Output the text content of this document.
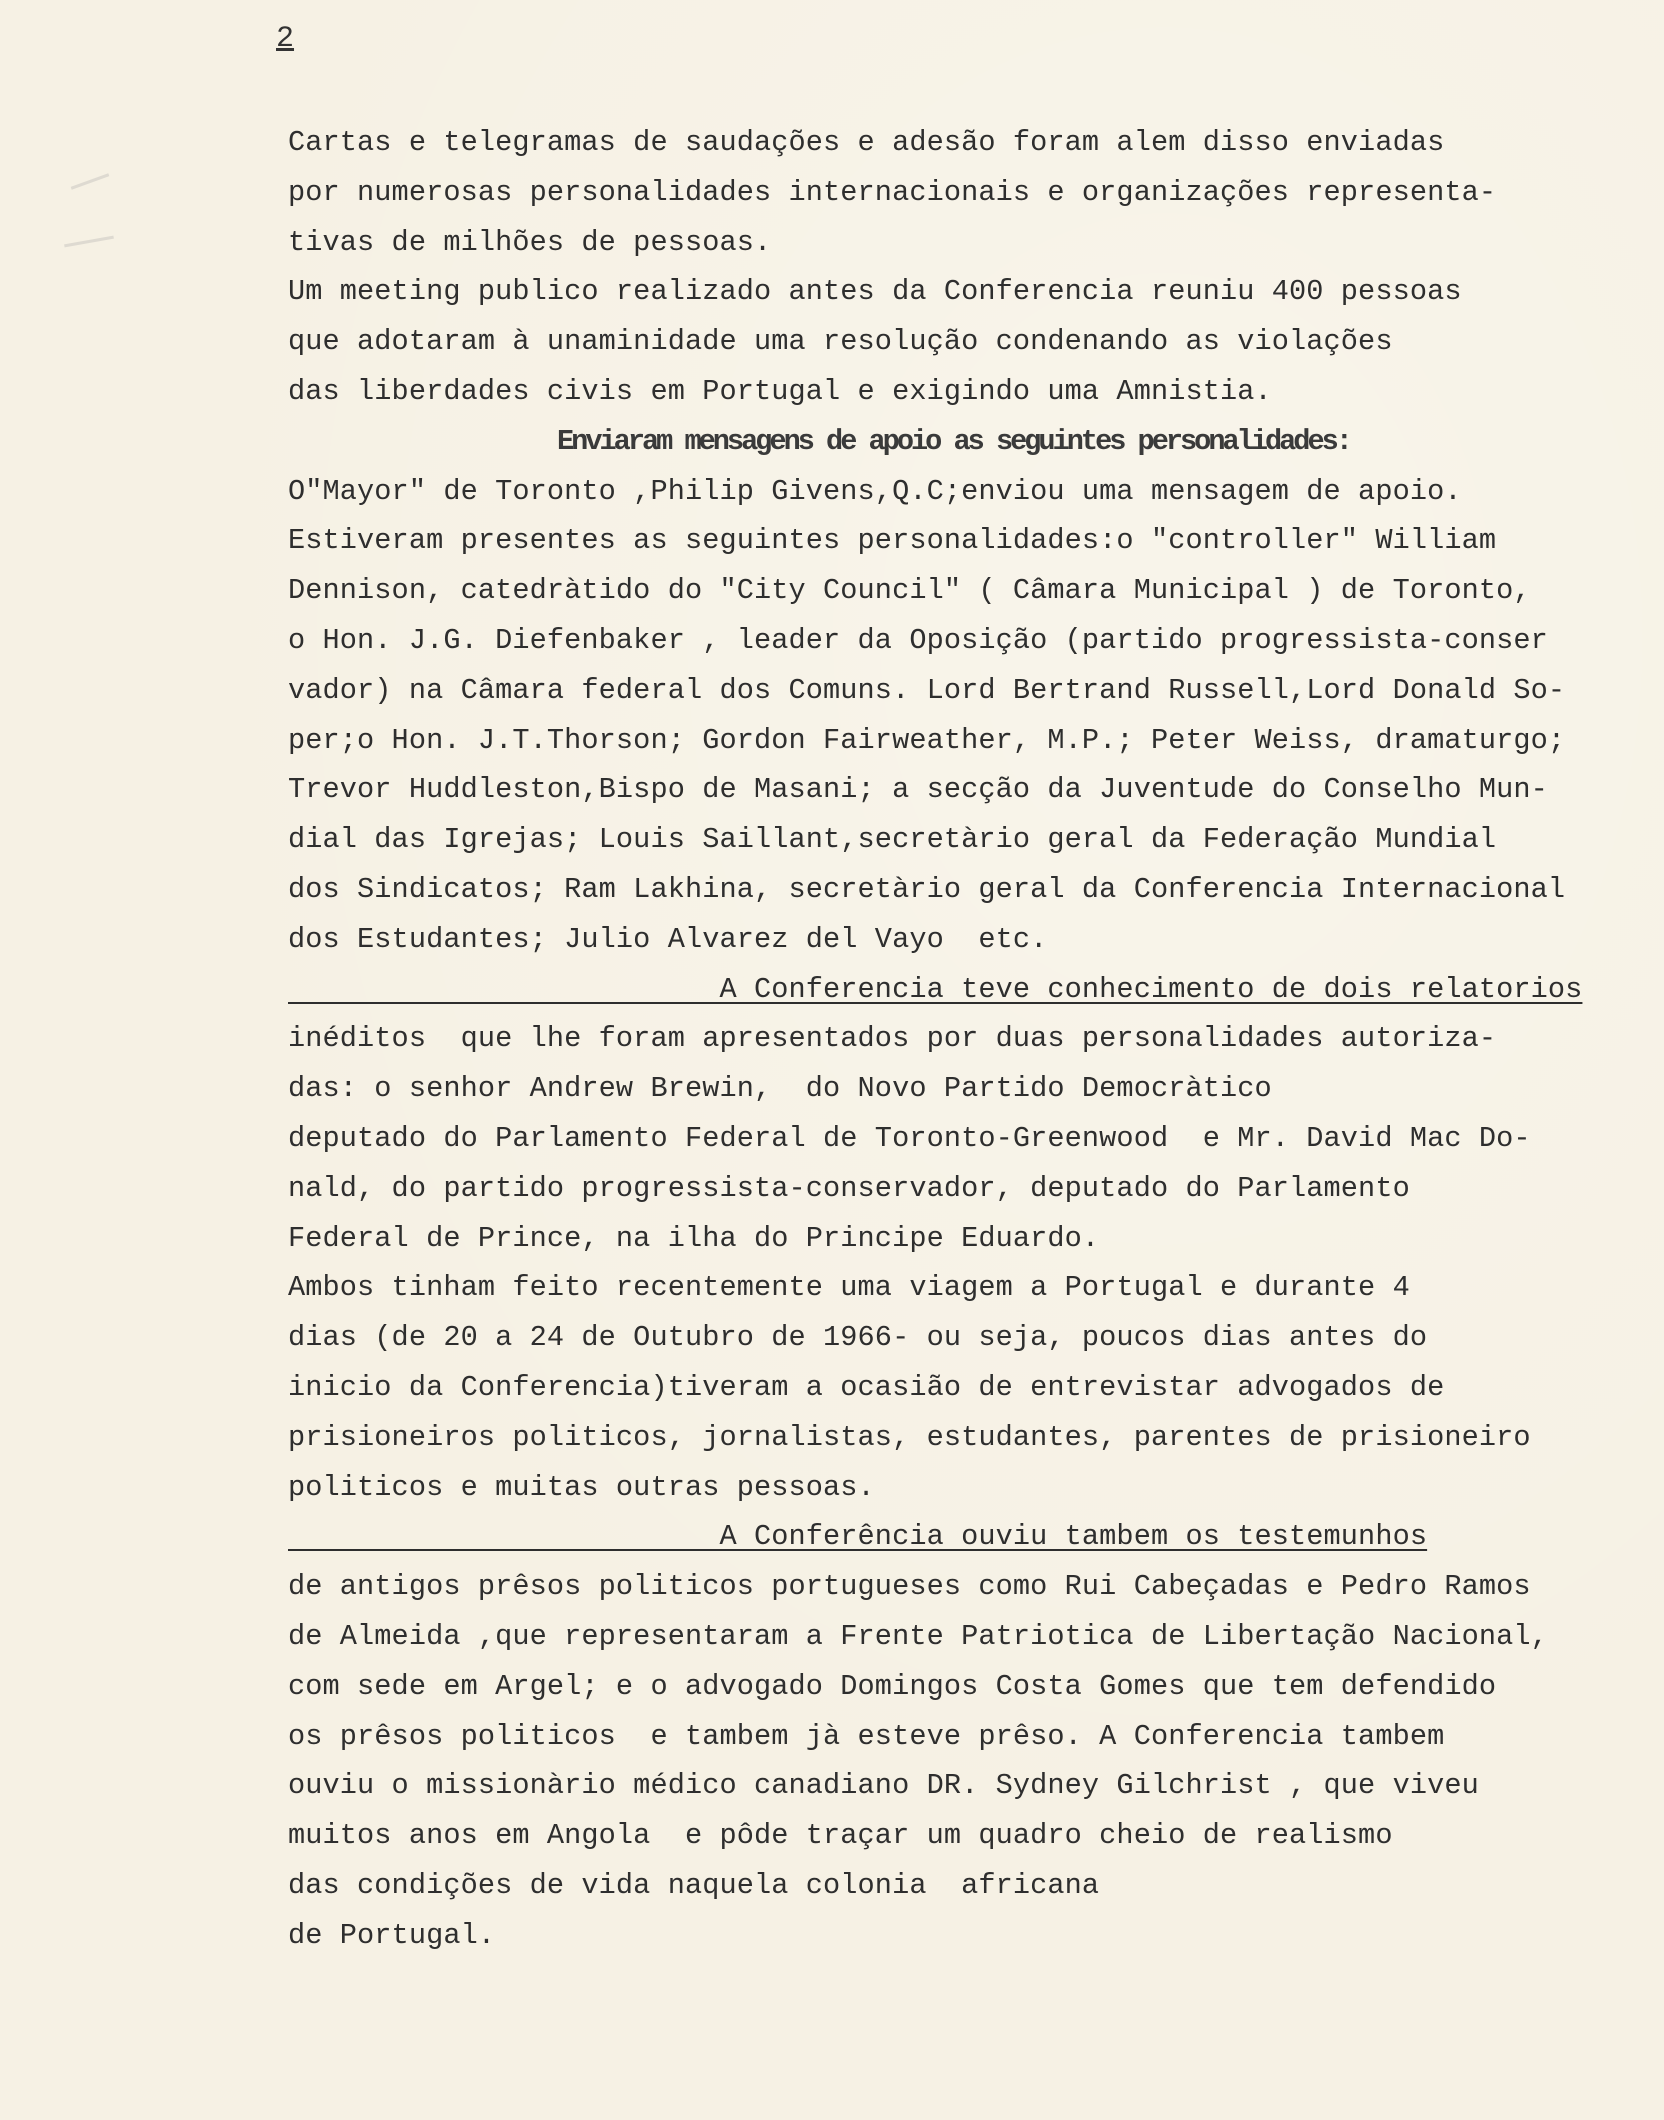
2
Cartas e telegramas de saudações e adesão foram alem disso enviadas
por numerosas personalidades internacionais e organizações representa-
tivas de milhões de pessoas.
Um meeting publico realizado antes da Conferencia reuniu 400 pessoas
que adotaram à unaminidade uma resolução condenando as violações
das liberdades civis em Portugal e exigindo uma Amnistia.
Enviaram mensagens de apoio as seguintes personalidades:
O"Mayor" de Toronto ,Philip Givens,Q.C;enviou uma mensagem de apoio.
Estiveram presentes as seguintes personalidades:o "controller" William
Dennison, catedràtido do "City Council" ( Câmara Municipal ) de Toronto,
o Hon. J.G. Diefenbaker , leader da Oposição (partido progressista-conser
vador) na Câmara federal dos Comuns. Lord Bertrand Russell,Lord Donald So-
per;o Hon. J.T.Thorson; Gordon Fairweather, M.P.; Peter Weiss, dramaturgo;
Trevor Huddleston,Bispo de Masani; a secção da Juventude do Conselho Mun-
dial das Igrejas; Louis Saillant,secretàrio geral da Federação Mundial
dos Sindicatos; Ram Lakhina, secretàrio geral da Conferencia Internacional
dos Estudantes; Julio Alvarez del Vayo  etc.
A Conferencia teve conhecimento de dois relatorios
inéditos  que lhe foram apresentados por duas personalidades autoriza-
das: o senhor Andrew Brewin,  do Novo Partido Democràtico
deputado do Parlamento Federal de Toronto-Greenwood  e Mr. David Mac Do-
nald, do partido progressista-conservador, deputado do Parlamento
Federal de Prince, na ilha do Principe Eduardo.
Ambos tinham feito recentemente uma viagem a Portugal e durante 4
dias (de 20 a 24 de Outubro de 1966- ou seja, poucos dias antes do
inicio da Conferencia)tiveram a ocasião de entrevistar advogados de
prisioneiros politicos, jornalistas, estudantes, parentes de prisioneiro
politicos e muitas outras pessoas.
A Conferência ouviu tambem os testemunhos
de antigos prêsos politicos portugueses como Rui Cabeçadas e Pedro Ramos
de Almeida ,que representaram a Frente Patriotica de Libertação Nacional,
com sede em Argel; e o advogado Domingos Costa Gomes que tem defendido
os prêsos politicos  e tambem jà esteve prêso. A Conferencia tambem
ouviu o missionàrio médico canadiano DR. Sydney Gilchrist , que viveu
muitos anos em Angola  e pôde traçar um quadro cheio de realismo
das condições de vida naquela colonia  africana
de Portugal.
